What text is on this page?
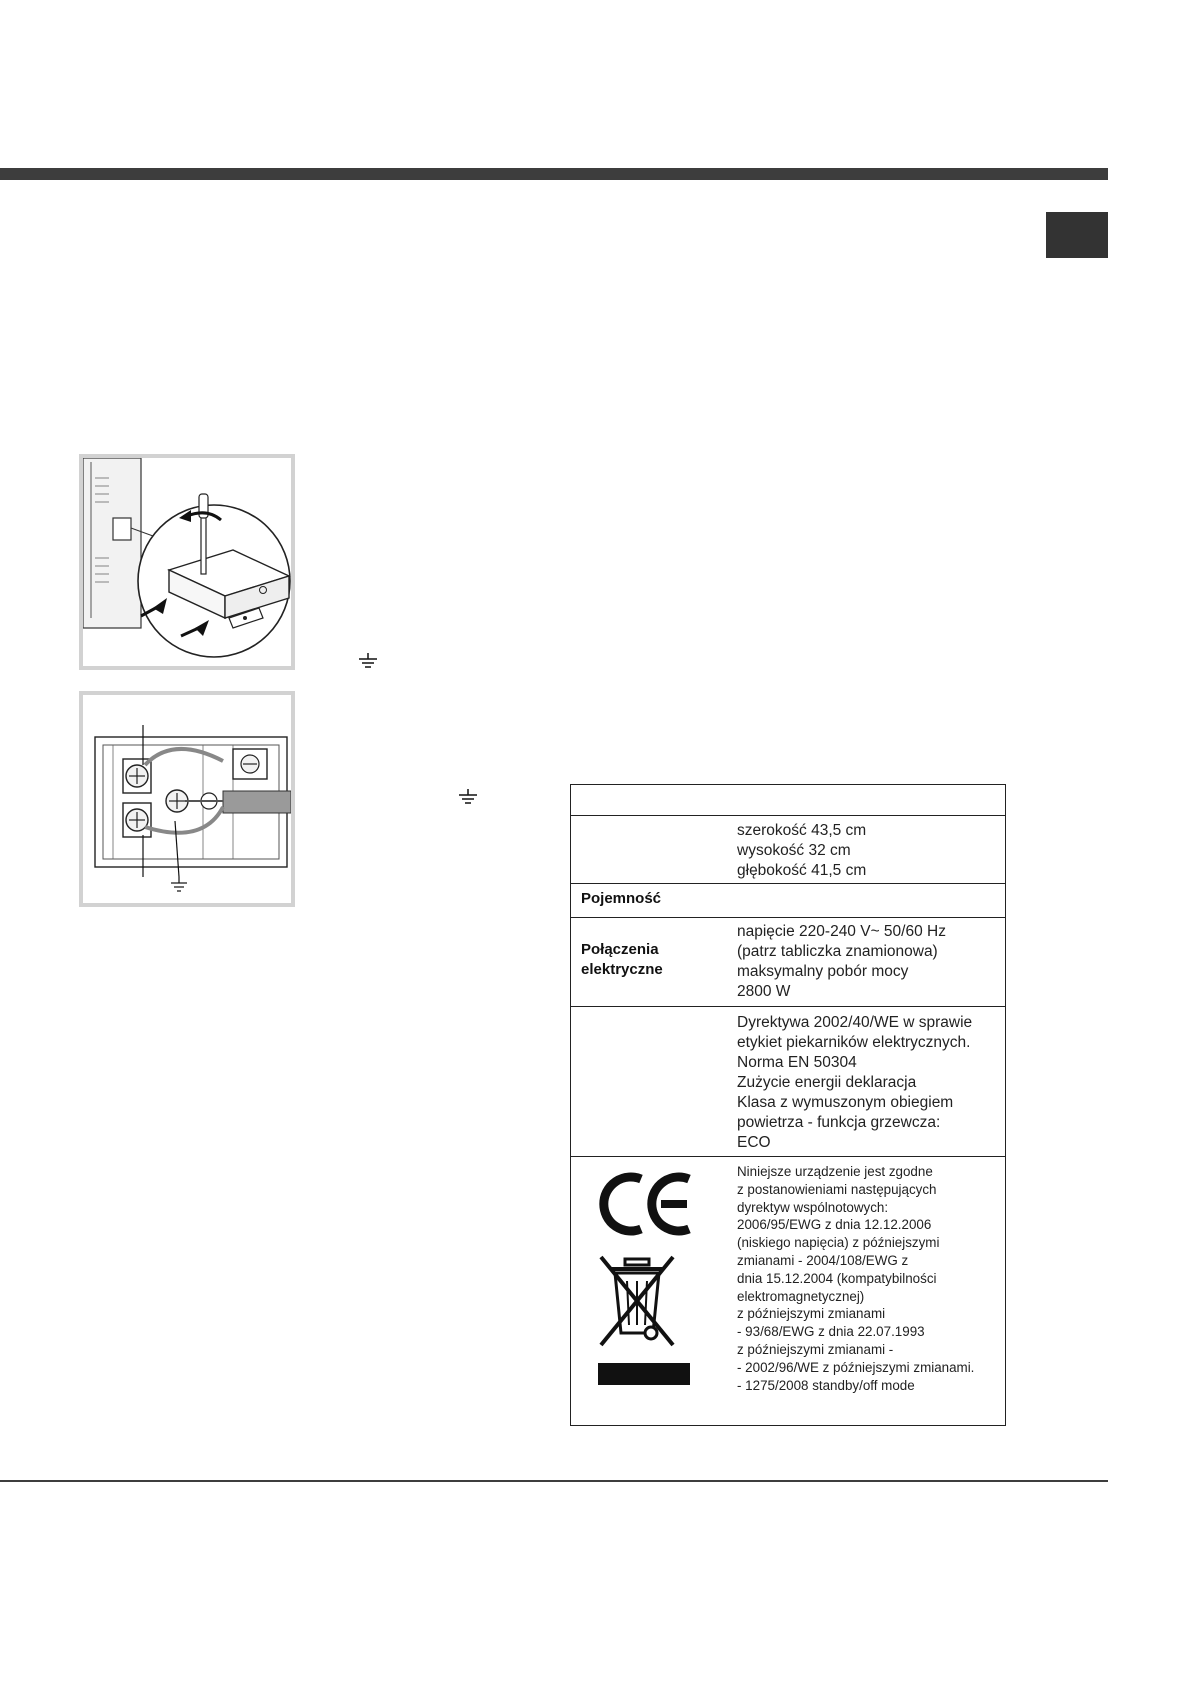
szerokość 43,5 cm
wysokość 32 cm
głębokość 41,5 cm
Pojemność
Połączenia
elektryczne
napięcie 220-240 V~ 50/60 Hz
(patrz tabliczka znamionowa)
maksymalny pobór mocy
2800 W
Dyrektywa 2002/40/WE w sprawie
etykiet piekarników elektrycznych.
Norma EN 50304
Zużycie energii deklaracja
Klasa z wymuszonym obiegiem
powietrza - funkcja grzewcza:
ECO
Niniejsze urządzenie jest zgodne
z postanowieniami następujących
dyrektyw wspólnotowych:
2006/95/EWG z dnia 12.12.2006
(niskiego napięcia) z późniejszymi
zmianami - 2004/108/EWG z
dnia 15.12.2004 (kompatybilności
elektromagnetycznej)
z późniejszymi zmianami
- 93/68/EWG z dnia 22.07.1993
z późniejszymi zmianami -
- 2002/96/WE z późniejszymi zmianami.
- 1275/2008 standby/off mode
